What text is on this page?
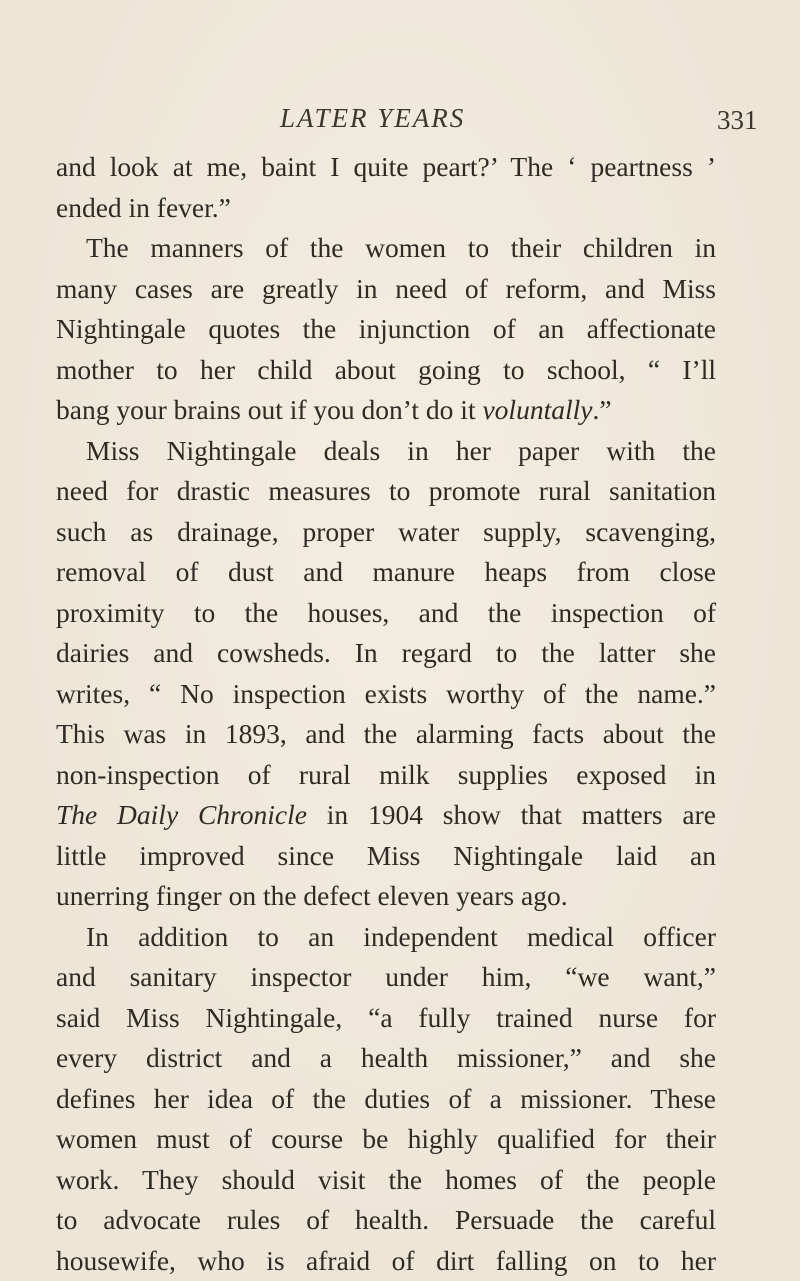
LATER YEARS	331
and look at me, baint I quite peart?’ The ‘ peartness ’
ended in fever.”
The manners of the women to their children in
many cases are greatly in need of reform, and Miss
Nightingale quotes the injunction of an affectionate
mother to her child about going to school, “ I’ll
bang your brains out if you don’t do it voluntally.”
Miss Nightingale deals in her paper with the
need for drastic measures to promote rural sanitation
such as drainage, proper water supply, scavenging,
removal of dust and manure heaps from close
proximity to the houses, and the inspection of
dairies and cowsheds. In regard to the latter she
writes, “ No inspection exists worthy of the name.”
This was in 1893, and the alarming facts about the
non-inspection of rural milk supplies exposed in
The Daily Chronicle in 1904 show that matters are
little improved since Miss Nightingale laid an
unerring finger on the defect eleven years ago.
In addition to an independent medical officer
and sanitary inspector under him, “we want,”
said Miss Nightingale, “a fully trained nurse for
every district and a health missioner,” and she
defines her idea of the duties of a missioner. These
women must of course be highly qualified for their
work. They should visit the homes of the people
to advocate rules of health. Persuade the careful
housewife, who is afraid of dirt falling on to her
